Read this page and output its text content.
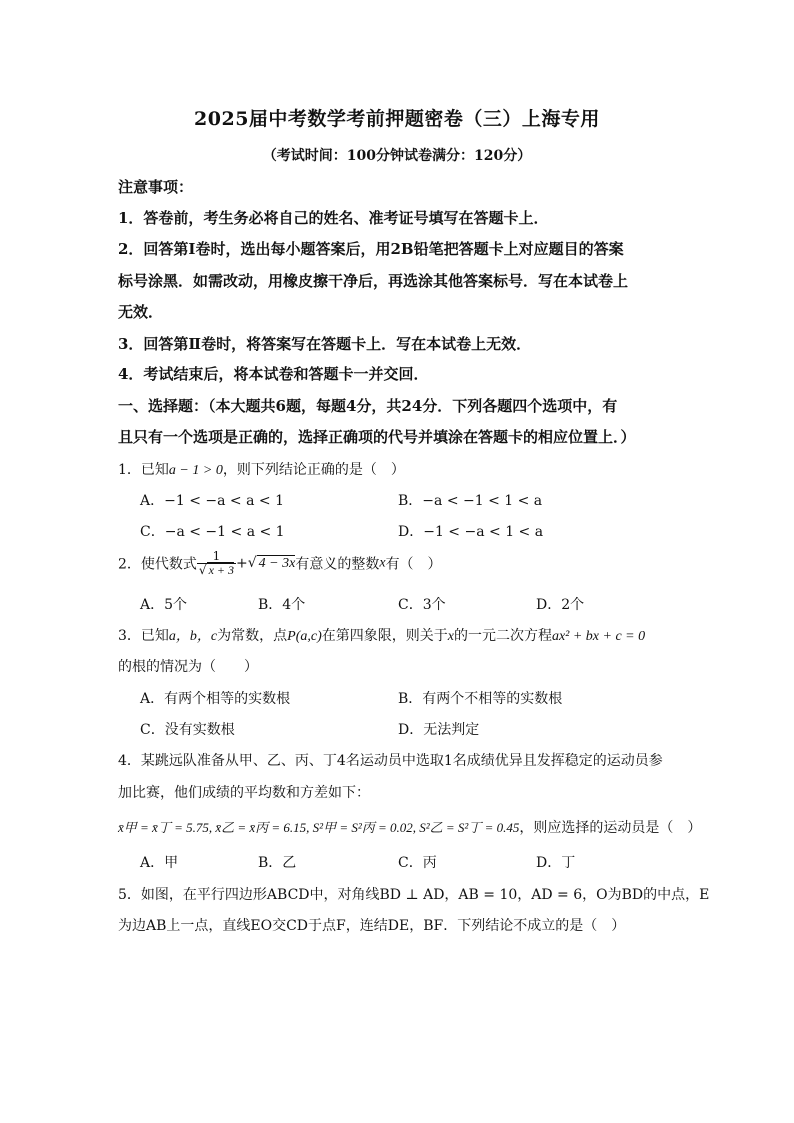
2025届中考数学考前押题密卷（三）上海专用
（考试时间：100分钟试卷满分：120分）
注意事项：
1．答卷前，考生务必将自己的姓名、准考证号填写在答题卡上．
2．回答第Ⅰ卷时，选出每小题答案后，用2B铅笔把答题卡上对应题目的答案
标号涂黑．如需改动，用橡皮擦干净后，再选涂其他答案标号．写在本试卷上
无效．
3．回答第Ⅱ卷时，将答案写在答题卡上．写在本试卷上无效．
4．考试结束后，将本试卷和答题卡一并交回．
一、选择题：（本大题共6题，每题4分，共24分．下列各题四个选项中，有
且只有一个选项是正确的，选择正确项的代号并填涂在答题卡的相应位置上．）
1．已知a − 1 > 0，则下列结论正确的是（　）
A．−1 < −a < a < 1	B．−a < −1 < 1 < a
C．−a < −1 < a < 1	D．−1 < −a < 1 < a
2．使代数式 $\frac{1}{√ x + 3}$ +√ 4 − 3x有意义的整数x有（　）
A．5个	B．4个	C．3个	D．2个
3．已知a，b，c为常数，点P(a,c)在第四象限，则关于x的一元二次方程ax² + bx + c = 0
的根的情况为（　　）
A．有两个相等的实数根	B．有两个不相等的实数根
C．没有实数根	D．无法判定
4．某跳远队准备从甲、乙、丙、丁4名运动员中选取1名成绩优异且发挥稳定的运动员参
加比赛，他们成绩的平均数和方差如下：
x̄甲 = x̄丁 = 5.75, x̄乙 = x̄丙 = 6.15, S²甲 = S²丙 = 0.02, S²乙 = S²丁 = 0.45，则应选择的运动员是（　）
A．甲	B．乙	C．丙	D．丁
5．如图，在平行四边形ABCD中，对角线BD ⊥ AD，AB = 10，AD = 6，O为BD的中点，E
为边AB上一点，直线EO交CD于点F，连结DE，BF．下列结论不成立的是（　）
